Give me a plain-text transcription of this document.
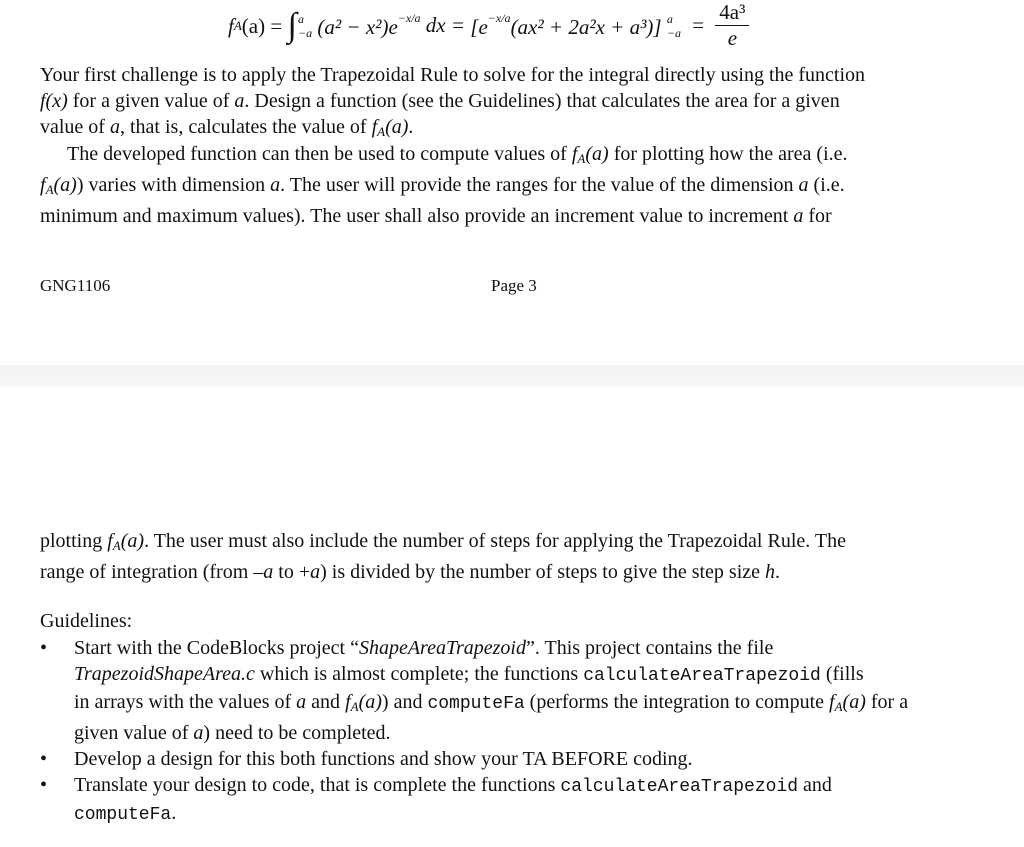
fA(a) = ∫ a
−a $(a^2 - x^2)e^{-x/a}$ dx = $[e^{-x/a}(ax^2 + 2a^2x + a^3)]$ a
$-a = \frac{\text{4a³}}{e}$
Your first challenge is to apply the Trapezoidal Rule to solve for the integral directly using the function
f(x) for a given value of a. Design a function (see the Guidelines) that calculates the area for a given
value of a, that is, calculates the value of $f_A(a)$.
The developed function can then be used to compute values of $f_A(a)$ for plotting how the area (i.e.
$f_A(a)$) varies with dimension a. The user will provide the ranges for the value of the dimension a (i.e.
minimum and maximum values). The user shall also provide an increment value to increment a for
GNG1106	Page 3
plotting $f_A(a)$. The user must also include the number of steps for applying the Trapezoidal Rule. The
range of integration (from –a to +a) is divided by the number of steps to give the step size h.
Guidelines:
• Start with the CodeBlocks project “ShapeAreaTrapezoid”. This project contains the file
TrapezoidShapeArea.c which is almost complete; the functions calculateAreaTrapezoid (fills
in arrays with the values of a and $f_A(a)$) and computeFa (performs the integration to compute $f_A(a)$ for a
given value of a) need to be completed.
• Develop a design for this both functions and show your TA BEFORE coding.
• Translate your design to code, that is complete the functions calculateAreaTrapezoid and
computeFa.
